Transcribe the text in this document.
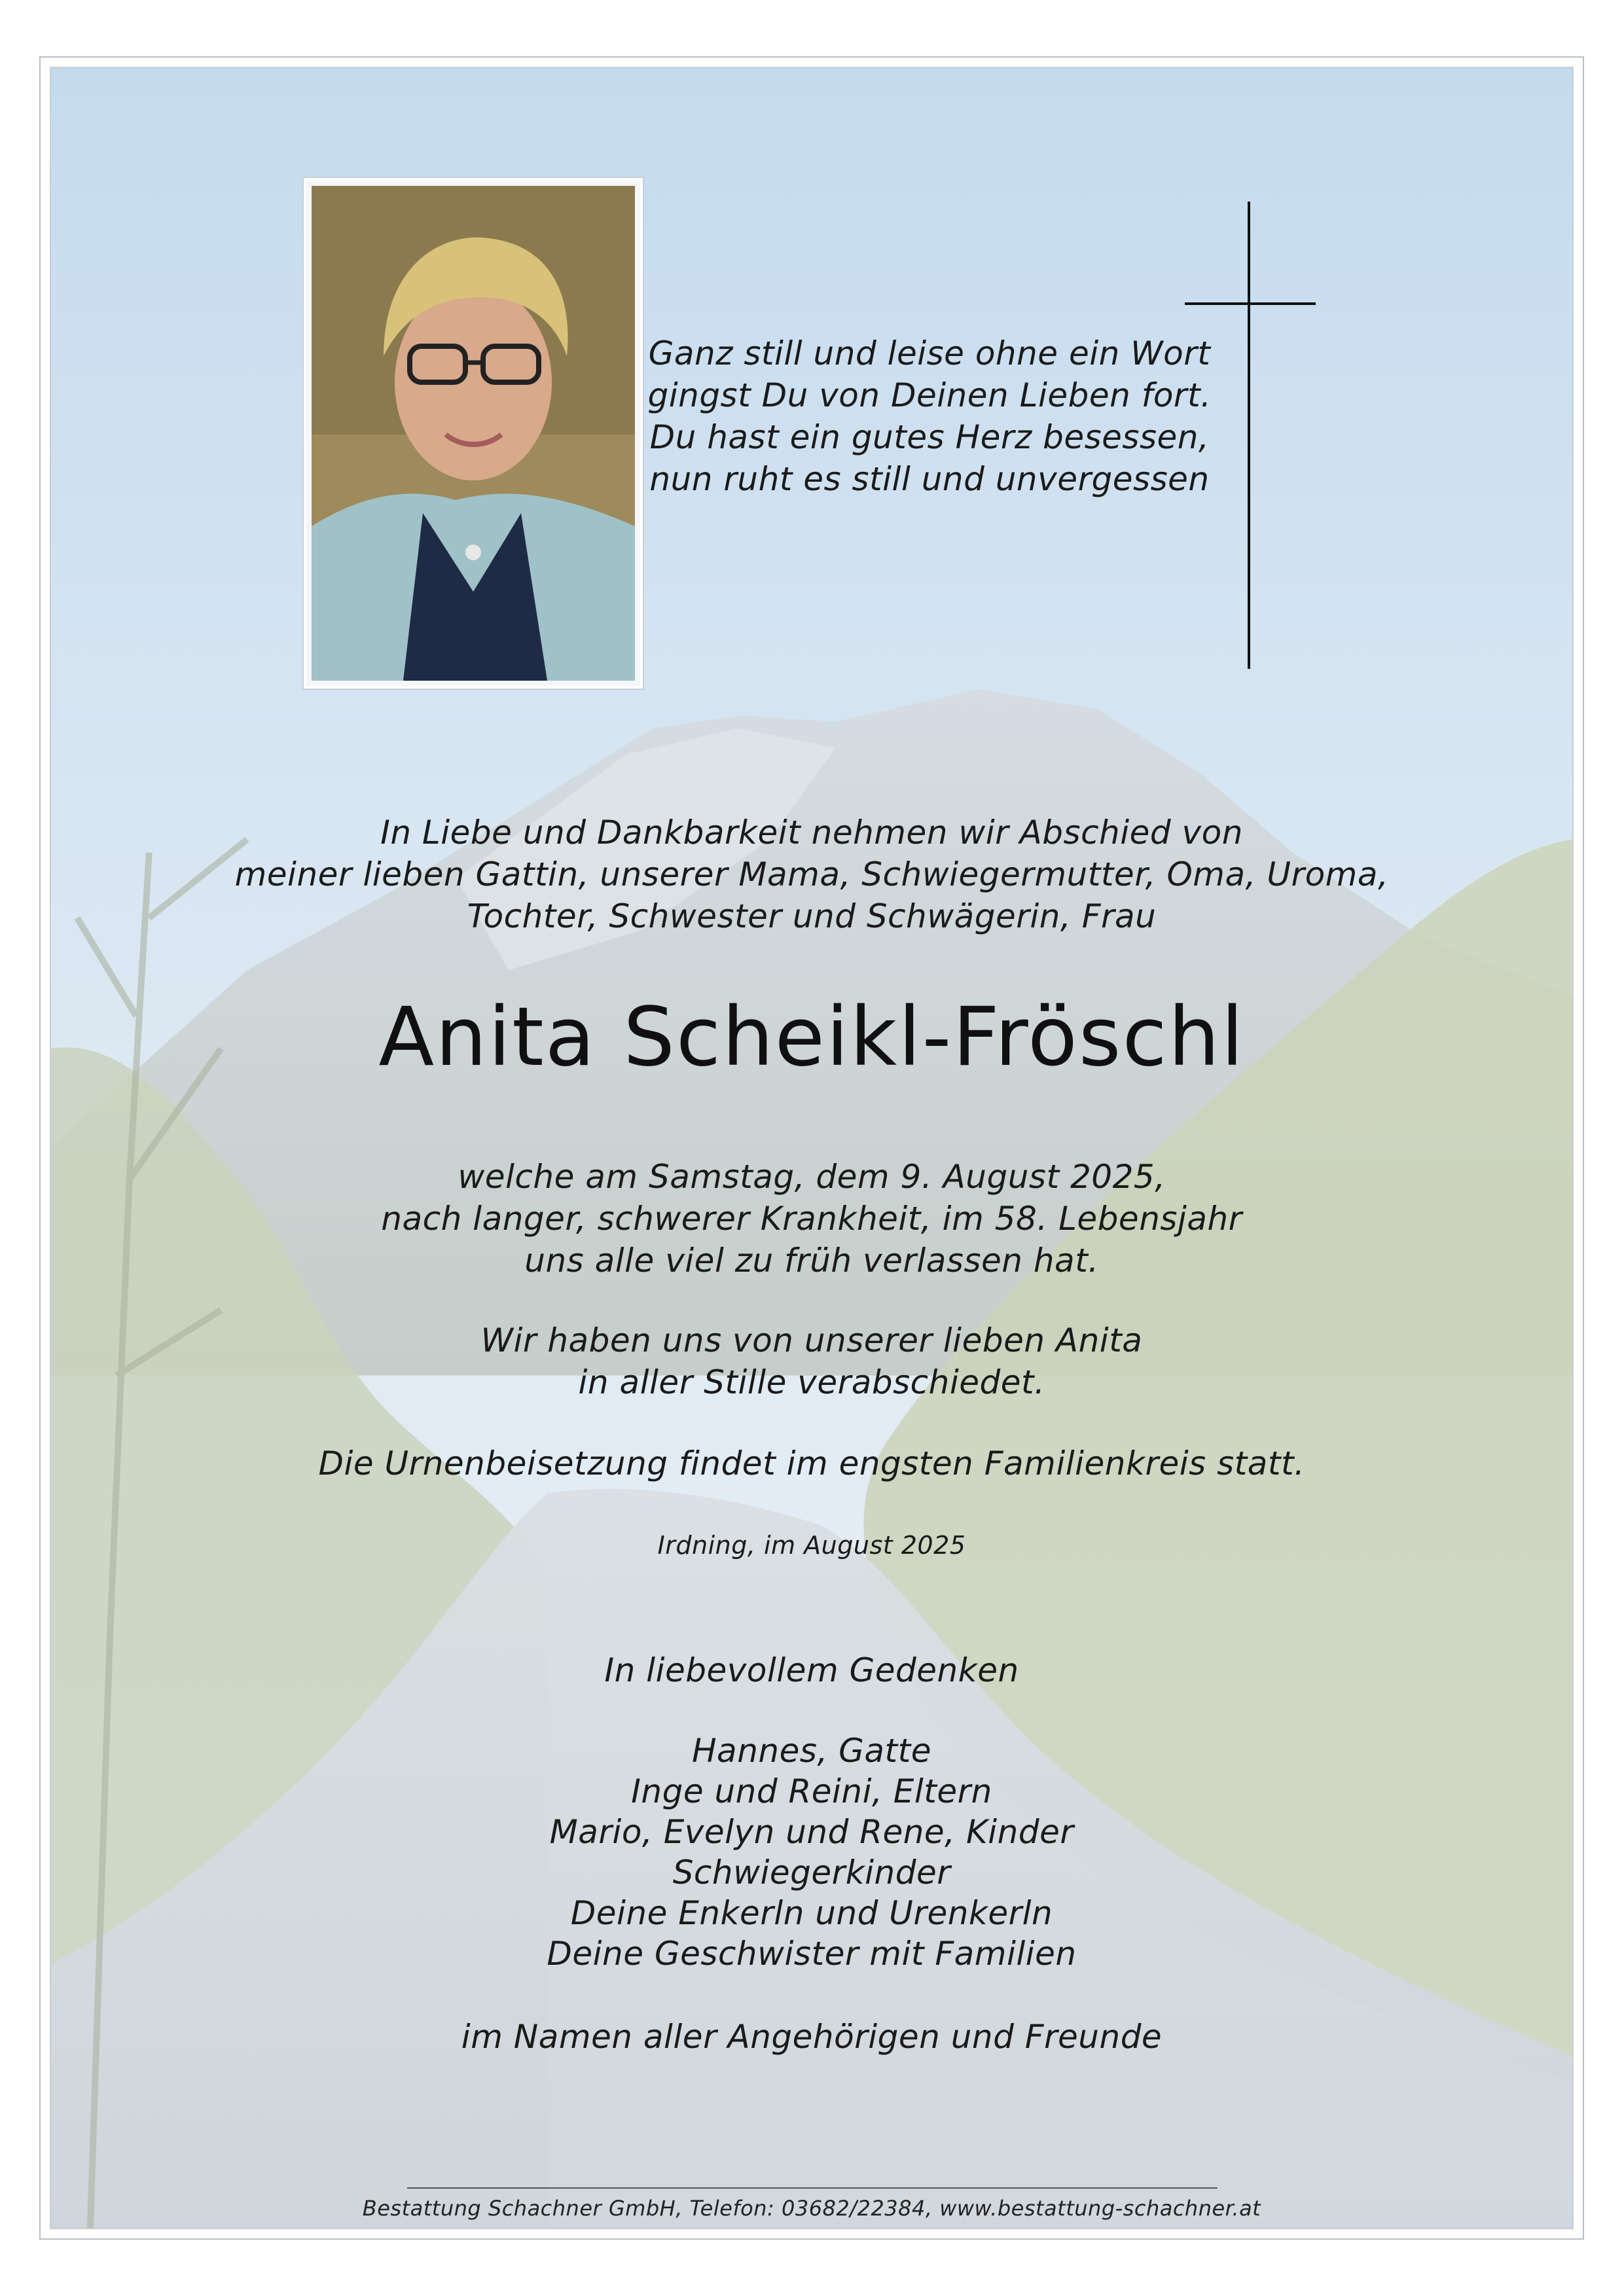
Ganz still und leise ohne ein Wort
gingst Du von Deinen Lieben fort.
Du hast ein gutes Herz besessen,
nun ruht es still und unvergessen
In Liebe und Dankbarkeit nehmen wir Abschied von
meiner lieben Gattin, unserer Mama, Schwiegermutter, Oma, Uroma,
Tochter, Schwester und Schwägerin, Frau
Anita Scheikl-Fröschl
welche am Samstag, dem 9. August 2025,
nach langer, schwerer Krankheit, im 58. Lebensjahr
uns alle viel zu früh verlassen hat.
Wir haben uns von unserer lieben Anita
in aller Stille verabschiedet.
Die Urnenbeisetzung findet im engsten Familienkreis statt.
Irdning, im August 2025
In liebevollem Gedenken
Hannes, Gatte
Inge und Reini, Eltern
Mario, Evelyn und Rene, Kinder
Schwiegerkinder
Deine Enkerln und Urenkerln
Deine Geschwister mit Familien
im Namen aller Angehörigen und Freunde
Bestattung Schachner GmbH, Telefon: 03682/22384, www.bestattung-schachner.at
